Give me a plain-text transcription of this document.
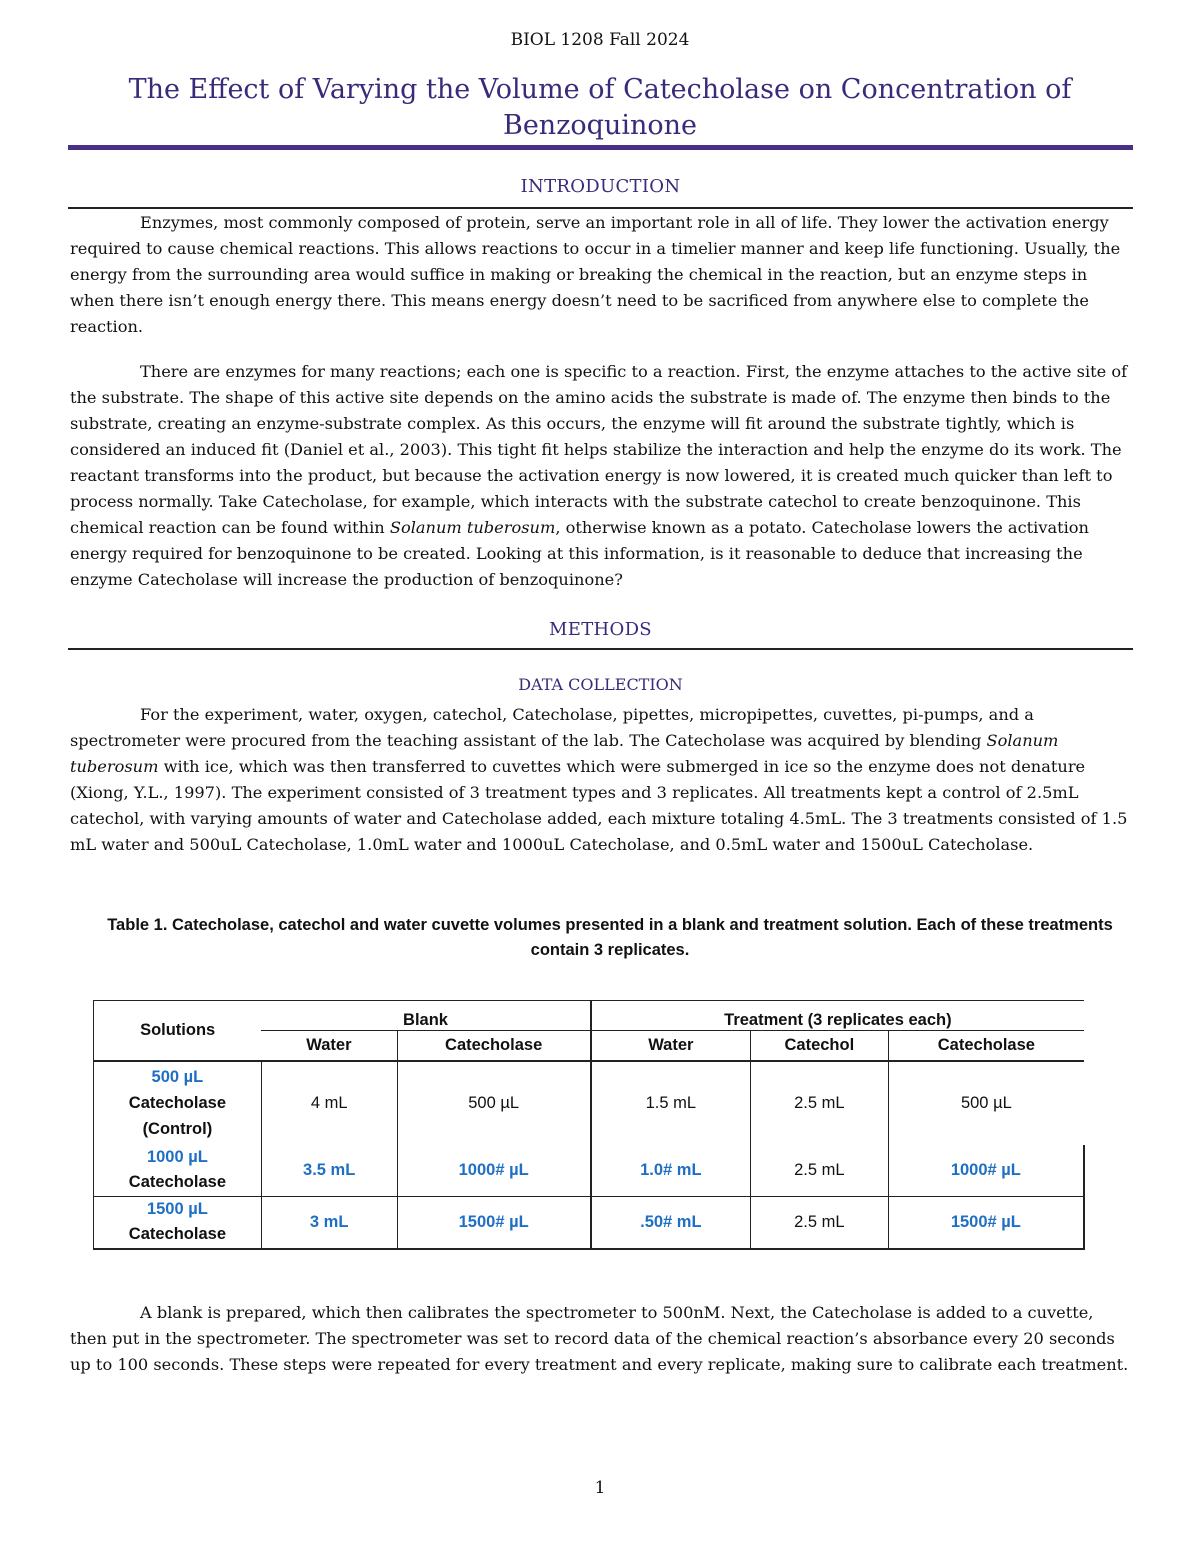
BIOL 1208 Fall 2024
The Effect of Varying the Volume of Catecholase on Concentration of Benzoquinone
INTRODUCTION

Enzymes, most commonly composed of protein, serve an important role in all of life. They lower the activation energy required to cause chemical reactions. This allows reactions to occur in a timelier manner and keep life functioning. Usually, the energy from the surrounding area would suffice in making or breaking the chemical in the reaction, but an enzyme steps in when there isn’t enough energy there. This means energy doesn’t need to be sacrificed from anywhere else to complete the reaction.

There are enzymes for many reactions; each one is specific to a reaction. First, the enzyme attaches to the active site of the substrate. The shape of this active site depends on the amino acids the substrate is made of. The enzyme then binds to the substrate, creating an enzyme-substrate complex. As this occurs, the enzyme will fit around the substrate tightly, which is considered an induced fit (Daniel et al., 2003). This tight fit helps stabilize the interaction and help the enzyme do its work. The reactant transforms into the product, but because the activation energy is now lowered, it is created much quicker than left to process normally. Take Catecholase, for example, which interacts with the substrate catechol to create benzoquinone. This chemical reaction can be found within Solanum tuberosum, otherwise known as a potato. Catecholase lowers the activation energy required for benzoquinone to be created. Looking at this information, is it reasonable to deduce that increasing the enzyme Catecholase will increase the production of benzoquinone?

METHODS
DATA COLLECTION

For the experiment, water, oxygen, catechol, Catecholase, pipettes, micropipettes, cuvettes, pi-pumps, and a spectrometer were procured from the teaching assistant of the lab. The Catecholase was acquired by blending Solanum tuberosum with ice, which was then transferred to cuvettes which were submerged in ice so the enzyme does not denature (Xiong, Y.L., 1997). The experiment consisted of 3 treatment types and 3 replicates. All treatments kept a control of 2.5mL catechol, with varying amounts of water and Catecholase added, each mixture totaling 4.5mL. The 3 treatments consisted of 1.5 mL water and 500uL Catecholase, 1.0mL water and 1000uL Catecholase, and 0.5mL water and 1500uL Catecholase.

Table 1. Catecholase, catechol and water cuvette volumes presented in a blank and treatment solution. Each of these treatments contain 3 replicates.
Solutions	Blank		Treatment (3 replicates each)		
	Water	Catecholase	Water	Catechol	Catecholase

500 µL
Catecholase
(Control)	4 mL	500 µL	1.5 mL	2.5 mL	500 µL

1000 µL
Catecholase	3.5 mL	1000# µL	1.0# mL	2.5 mL	1000# µL

1500 µL
Catecholase	3 mL	1500# µL	.50# mL	2.5 mL	1500# µL

A blank is prepared, which then calibrates the spectrometer to 500nM. Next, the Catecholase is added to a cuvette, then put in the spectrometer. The spectrometer was set to record data of the chemical reaction’s absorbance every 20 seconds up to 100 seconds. These steps were repeated for every treatment and every replicate, making sure to calibrate each treatment.

1
